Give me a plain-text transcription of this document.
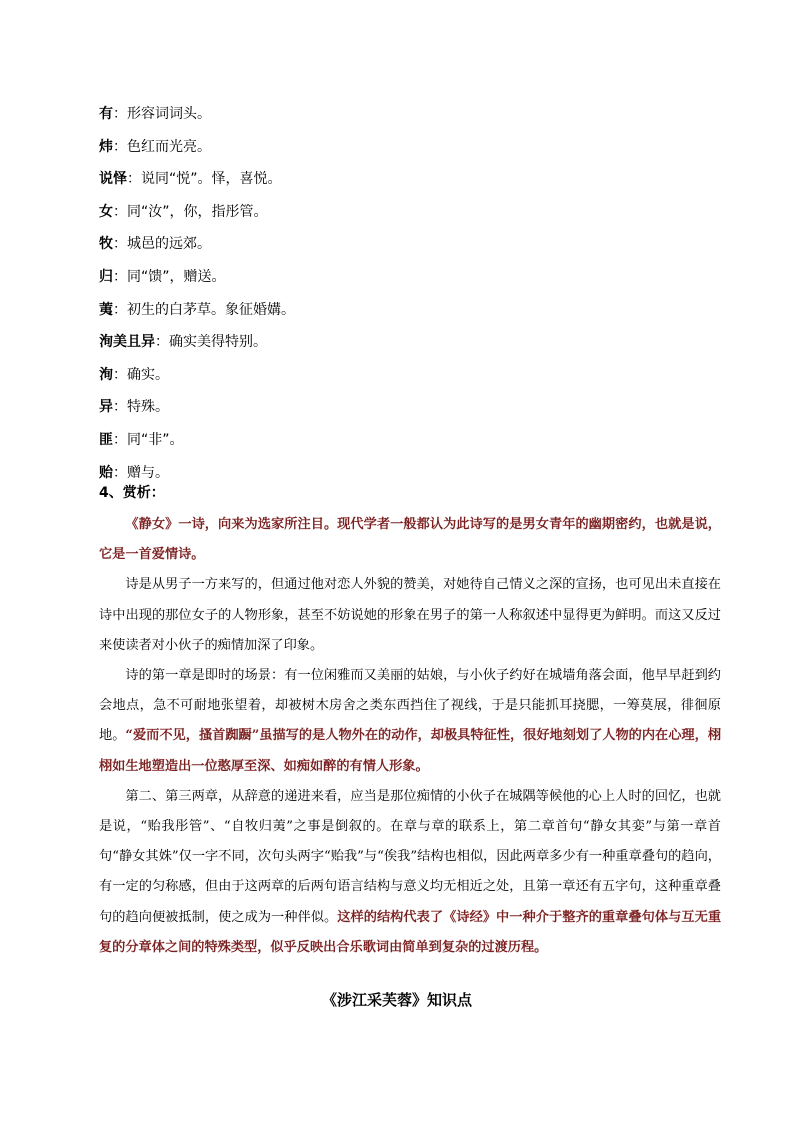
有：形容词词头。
炜：色红而光亮。
说怿：说同“悦”。怿，喜悦。
女：同“汝”，你，指彤管。
牧：城邑的远郊。
归：同“馈”，赠送。
荑：初生的白茅草。象征婚媾。
洵美且异：确实美得特别。
洵：确实。
异：特殊。
匪：同“非”。
贻：赠与。
4、赏析：

《静女》一诗，向来为选家所注目。现代学者一般都认为此诗写的是男女青年的幽期密约，也就是说，它是一首爱情诗。

诗是从男子一方来写的，但通过他对恋人外貌的赞美，对她待自己情义之深的宣扬，也可见出未直接在诗中出现的那位女子的人物形象，甚至不妨说她的形象在男子的第一人称叙述中显得更为鲜明。而这又反过来使读者对小伙子的痴情加深了印象。

诗的第一章是即时的场景：有一位闲雅而又美丽的姑娘，与小伙子约好在城墙角落会面，他早早赶到约会地点，急不可耐地张望着，却被树木房舍之类东西挡住了视线，于是只能抓耳挠腮，一筹莫展，徘徊原地。“爱而不见，搔首踟蹰”虽描写的是人物外在的动作，却极具特征性，很好地刻划了人物的内在心理，栩栩如生地塑造出一位憨厚至深、如痴如醉的有情人形象。

第二、第三两章，从辞意的递进来看，应当是那位痴情的小伙子在城隅等候他的心上人时的回忆，也就是说，“贻我彤管”、“自牧归荑”之事是倒叙的。在章与章的联系上，第二章首句“静女其娈”与第一章首句“静女其姝”仅一字不同，次句头两字“贻我”与“俟我”结构也相似，因此两章多少有一种重章叠句的趋向，有一定的匀称感，但由于这两章的后两句语言结构与意义均无相近之处，且第一章还有五字句，这种重章叠句的趋向便被抵制，使之成为一种伴似。这样的结构代表了《诗经》中一种介于整齐的重章叠句体与互无重复的分章体之间的特殊类型，似乎反映出合乐歌词由简单到复杂的过渡历程。

《涉江采芙蓉》知识点
